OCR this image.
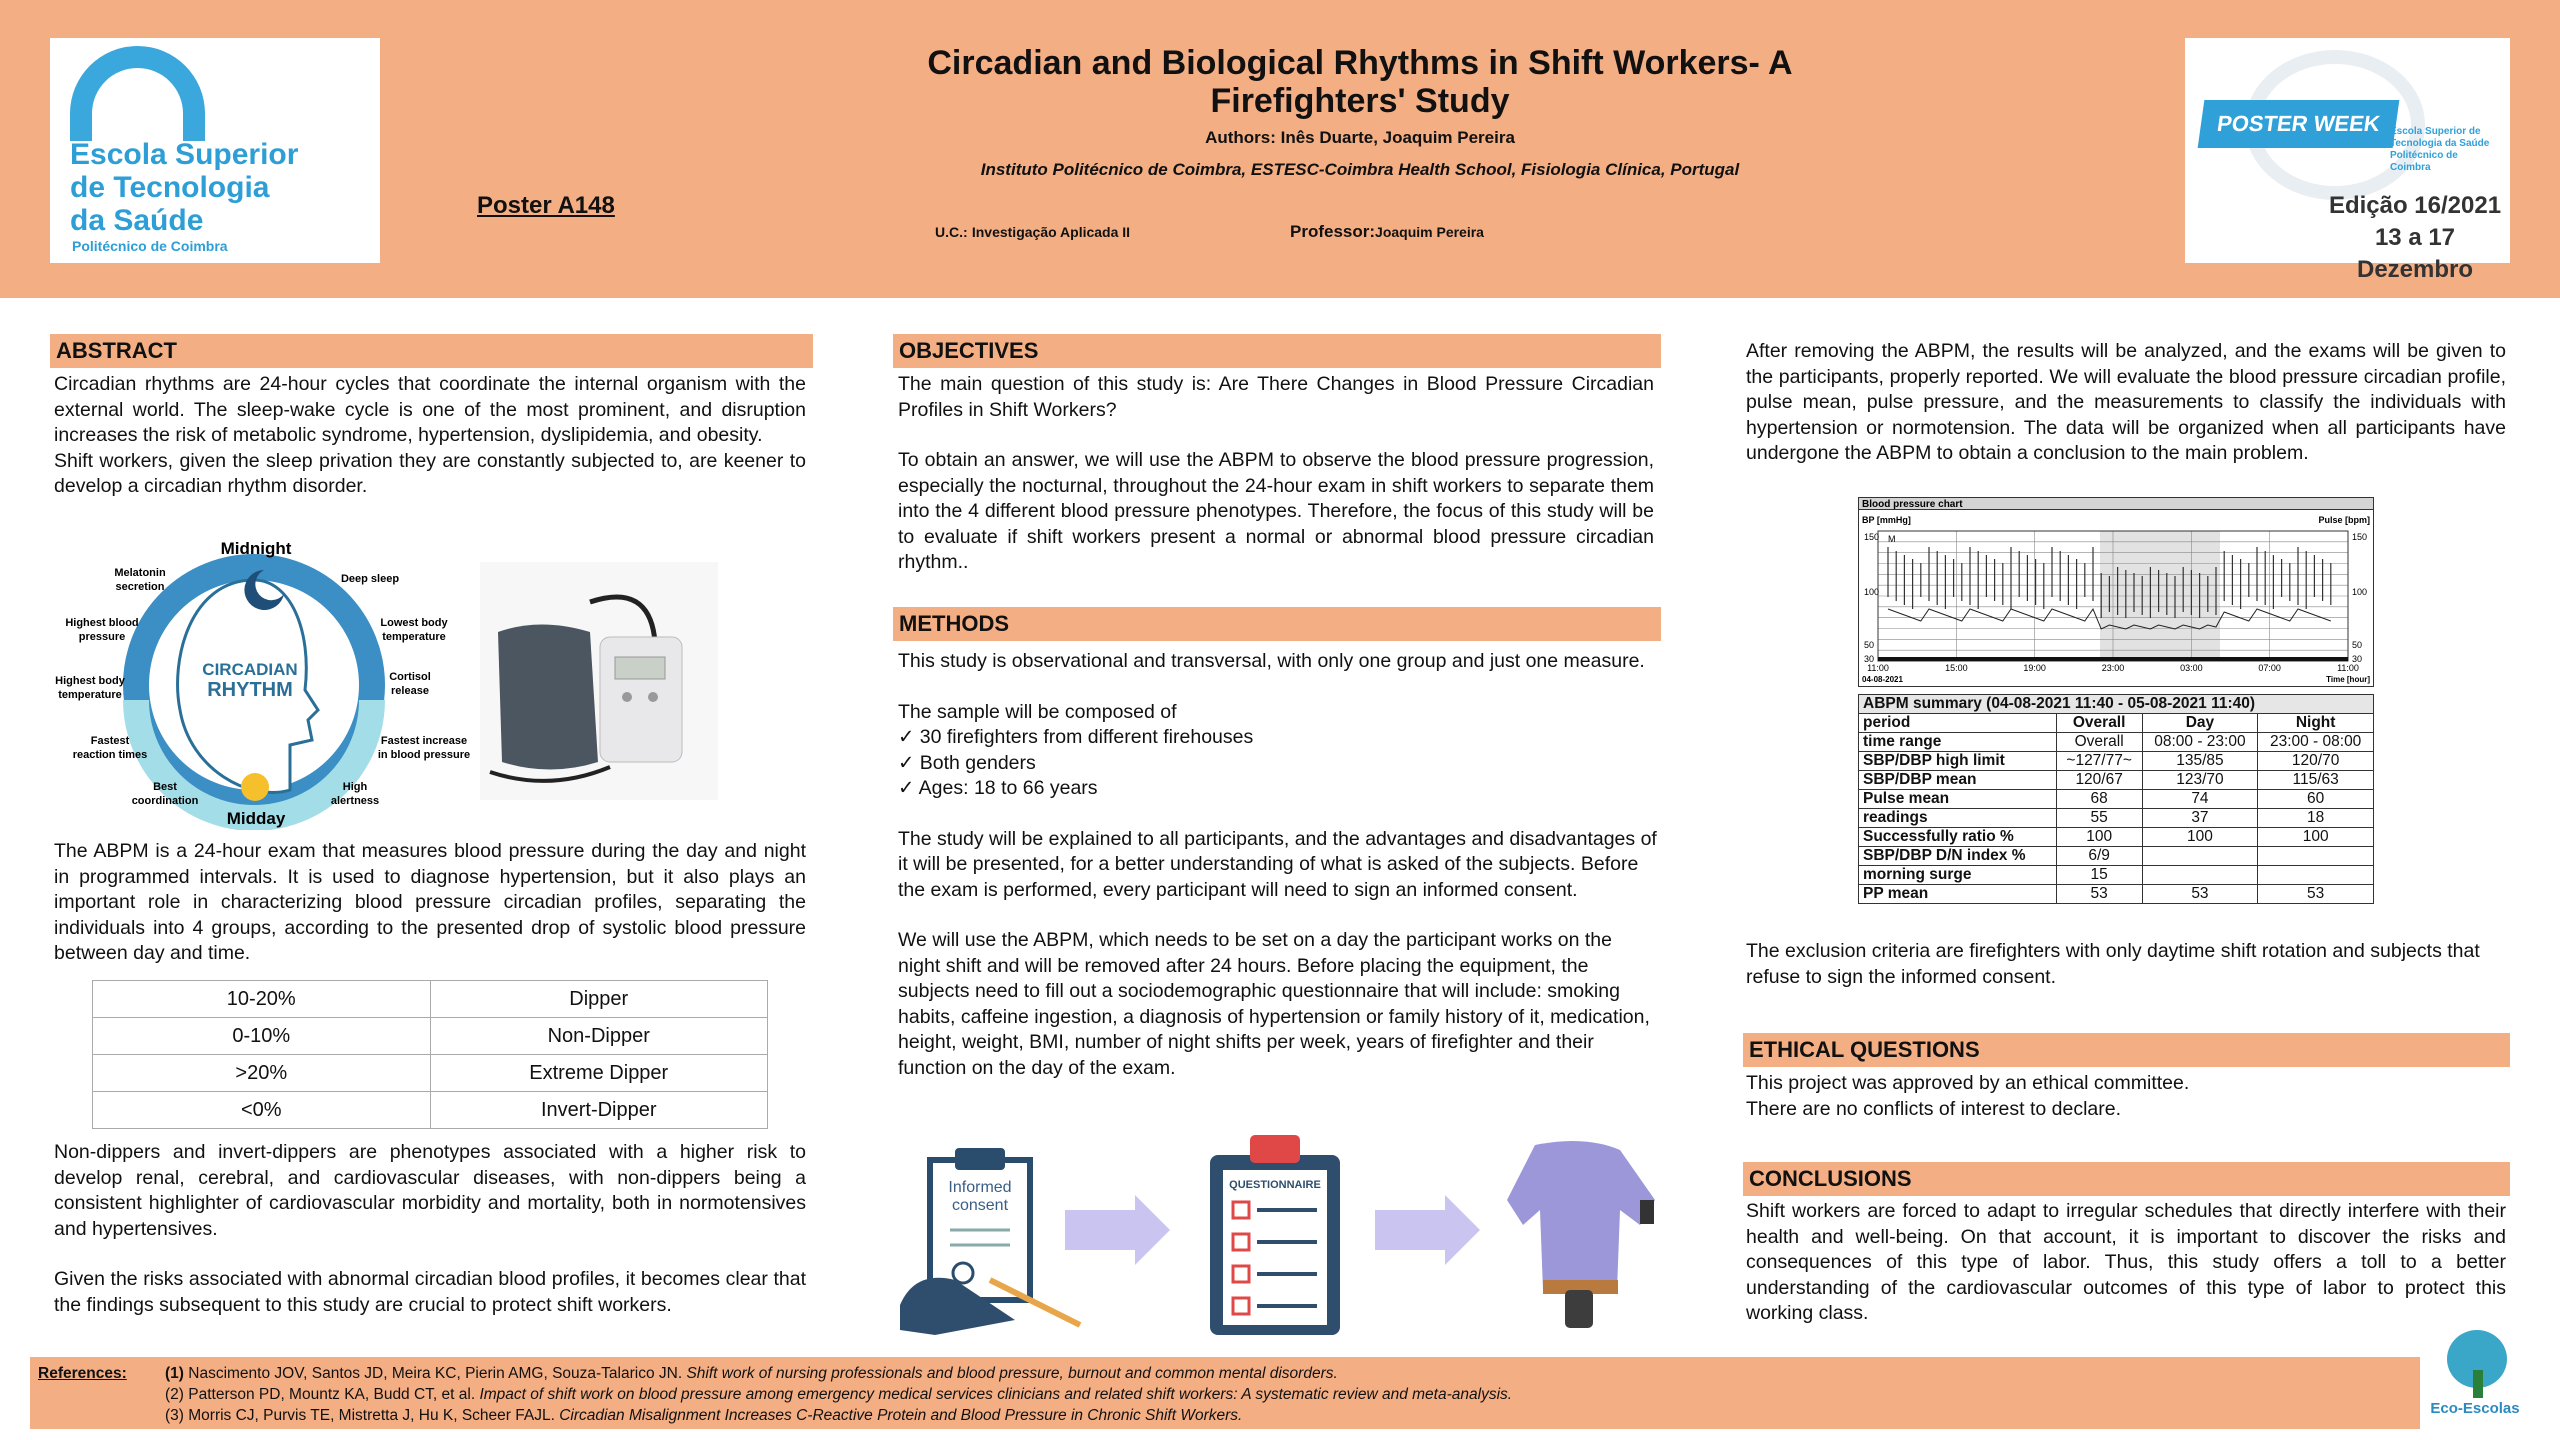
Escola Superior
de Tecnologia
da Saúde
Politécnico de Coimbra
Poster A148
Circadian and Biological Rhythms in Shift Workers- A
Firefighters' Study
Authors: Inês Duarte, Joaquim Pereira
Instituto Politécnico de Coimbra, ESTESC-Coimbra Health School, Fisiologia Clínica, Portugal
U.C.: Investigação Aplicada II	Professor:Joaquim Pereira
POSTER WEEK Escola Superior de Tecnologia da Saúde Politécnico de Coimbra
Edição 16/2021
13 a 17 Dezembro
ABSTRACT

Circadian rhythms are 24-hour cycles that coordinate the internal organism with the external world. The sleep-wake cycle is one of the most prominent, and disruption increases the risk of metabolic syndrome, hypertension, dyslipidemia, and obesity.

Shift workers, given the sleep privation they are constantly subjected to, are keener to develop a circadian rhythm disorder.

CIRCADIAN
RHYTHM
Midnight
Midday
Melatonin
secretion
Highest blood
pressure
Highest body
temperature
Fastest
reaction times
Best
coordination
Deep sleep
Lowest body
temperature
Cortisol
release
Fastest increase
in blood pressure
High
alertness
The ABPM is a 24-hour exam that measures blood pressure during the day and night in programmed intervals. It is used to diagnose hypertension, but it also plays an important role in characterizing blood pressure circadian profiles, separating the individuals into 4 groups, according to the presented drop of systolic blood pressure between day and time.
10-20%	Dipper
0-10%	Non-Dipper
>20%	Extreme Dipper
<0%	Invert-Dipper

Non-dippers and invert-dippers are phenotypes associated with a higher risk to develop renal, cerebral, and cardiovascular diseases, with non-dippers being a consistent highlighter of cardiovascular morbidity and mortality, both in normotensives and hypertensives.

Given the risks associated with abnormal circadian blood profiles, it becomes clear that the findings subsequent to this study are crucial to protect shift workers.

OBJECTIVES

The main question of this study is: Are There Changes in Blood Pressure Circadian Profiles in Shift Workers?

To obtain an answer, we will use the ABPM to observe the blood pressure progression, especially the nocturnal, throughout the 24-hour exam in shift workers to separate them into the 4 different blood pressure phenotypes. Therefore, the focus of this study will be to evaluate if shift workers present a normal or abnormal blood pressure circadian rhythm..

METHODS

This study is observational and transversal, with only one group and just one measure.

The sample will be composed of

✓ 30 firefighters from different firehouses

✓ Both genders

✓ Ages: 18 to 66 years

The study will be explained to all participants, and the advantages and disadvantages of it will be presented, for a better understanding of what is asked of the subjects. Before the exam is performed, every participant will need to sign an informed consent.

We will use the ABPM, which needs to be set on a day the participant works on the night shift and will be removed after 24 hours. Before placing the equipment, the subjects need to fill out a sociodemographic questionnaire that will include: smoking habits, caffeine ingestion, a diagnosis of hypertension or family history of it, medication, height, weight, BMI, number of night shifts per week, years of firefighter and their function on the day of the exam.

Informed
consent
QUESTIONNAIRE
After removing the ABPM, the results will be analyzed, and the exams will be given to the participants, properly reported. We will evaluate the blood pressure circadian profile, pulse mean, pulse pressure, and the measurements to classify the individuals with hypertension or normotension. The data will be organized when all participants have undergone the ABPM to obtain a conclusion to the main problem.
Blood pressure chart
BP [mmHg]	Pulse [bpm]
M
150	150
100	100
50	50
30	30
11:00	15:00	19:00	23:00	03:00	07:00	11:00
04-08-2021	Time [hour]
ABPM summary (04-08-2021 11:40 - 05-08-2021 11:40)			
period	Overall	Day	Night
time range	Overall	08:00 - 23:00	23:00 - 08:00
SBP/DBP high limit	~127/77~	135/85	120/70
SBP/DBP mean	120/67	123/70	115/63
Pulse mean	68	74	60
readings	55	37	18
Successfully ratio %	100	100	100
SBP/DBP D/N index %	6/9		
morning surge	15		
PP mean	53	53	53
The exclusion criteria are firefighters with only daytime shift rotation and subjects that refuse to sign the informed consent.
ETHICAL QUESTIONS

This project was approved by an ethical committee.

There are no conflicts of interest to declare.

CONCLUSIONS
Shift workers are forced to adapt to irregular schedules that directly interfere with their health and well-being. On that account, it is important to discover the risks and consequences of this type of labor. Thus, this study offers a toll to a better understanding of the cardiovascular outcomes of this type of labor to protect this working class.
References: (1) Nascimento JOV, Santos JD, Meira KC, Pierin AMG, Souza-Talarico JN. Shift work of nursing professionals and blood pressure, burnout and common mental disorders.
(2) Patterson PD, Mountz KA, Budd CT, et al. Impact of shift work on blood pressure among emergency medical services clinicians and related shift workers: A systematic review and meta-analysis.
(3) Morris CJ, Purvis TE, Mistretta J, Hu K, Scheer FAJL. Circadian Misalignment Increases C-Reactive Protein and Blood Pressure in Chronic Shift Workers.	Eco-Escolas
